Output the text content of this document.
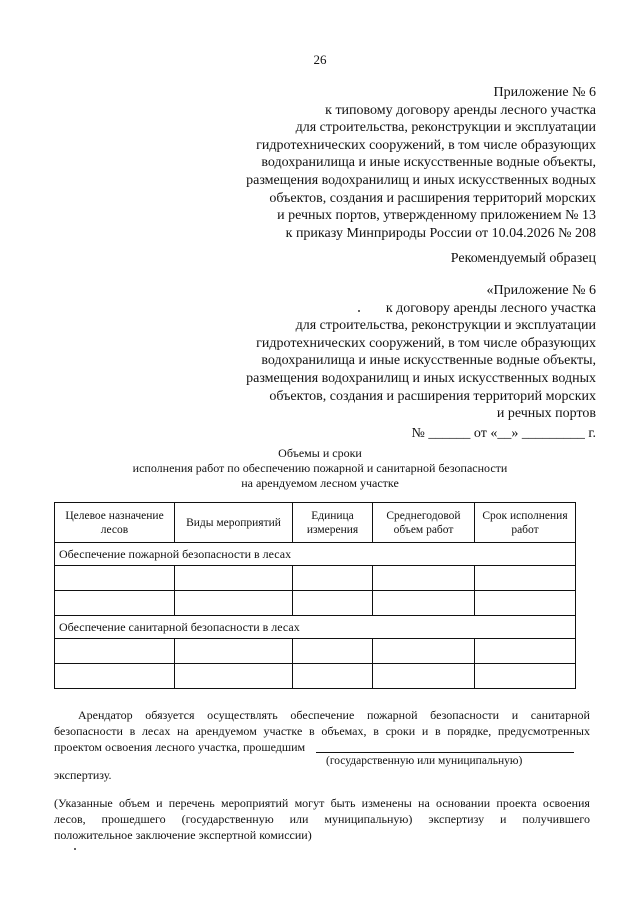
26
Приложение № 6
к типовому договору аренды лесного участка
для строительства, реконструкции и эксплуатации
гидротехнических сооружений, в том числе образующих
водохранилища и иные искусственные водные объекты,
размещения водохранилищ и иных искусственных водных
объектов, создания и расширения территорий морских
и речных портов, утвержденному приложением № 13
к приказу Минприроды России от 10.04.2026 № 208
Рекомендуемый образец
«Приложение № 6
к договору аренды лесного участка
для строительства, реконструкции и эксплуатации
гидротехнических сооружений, в том числе образующих
водохранилища и иные искусственные водные объекты,
размещения водохранилищ и иных искусственных водных
объектов, создания и расширения территорий морских
и речных портов
№ ______ от «__» _________ г.
Объемы и сроки
исполнения работ по обеспечению пожарной и санитарной безопасности
на арендуемом лесном участке
Целевое назначение лесов	Виды мероприятий	Единица измерения	Среднегодовой объем работ	Срок исполнения работ
Обеспечение пожарной безопасности в лесах				

Обеспечение санитарной безопасности в лесах				

Арендатор обязуется осуществлять обеспечение пожарной безопасности и санитарной
безопасности в лесах на арендуемом участке в объемах, в сроки и в порядке, предусмотренных
проектом освоения лесного участка, прошедшим
(государственную или муниципальную)
экспертизу.
(Указанные объем и перечень мероприятий могут быть изменены на основании проекта освоения
лесов, прошедшего (государственную или муниципальную) экспертизу и получившего
положительное заключение экспертной комиссии)
